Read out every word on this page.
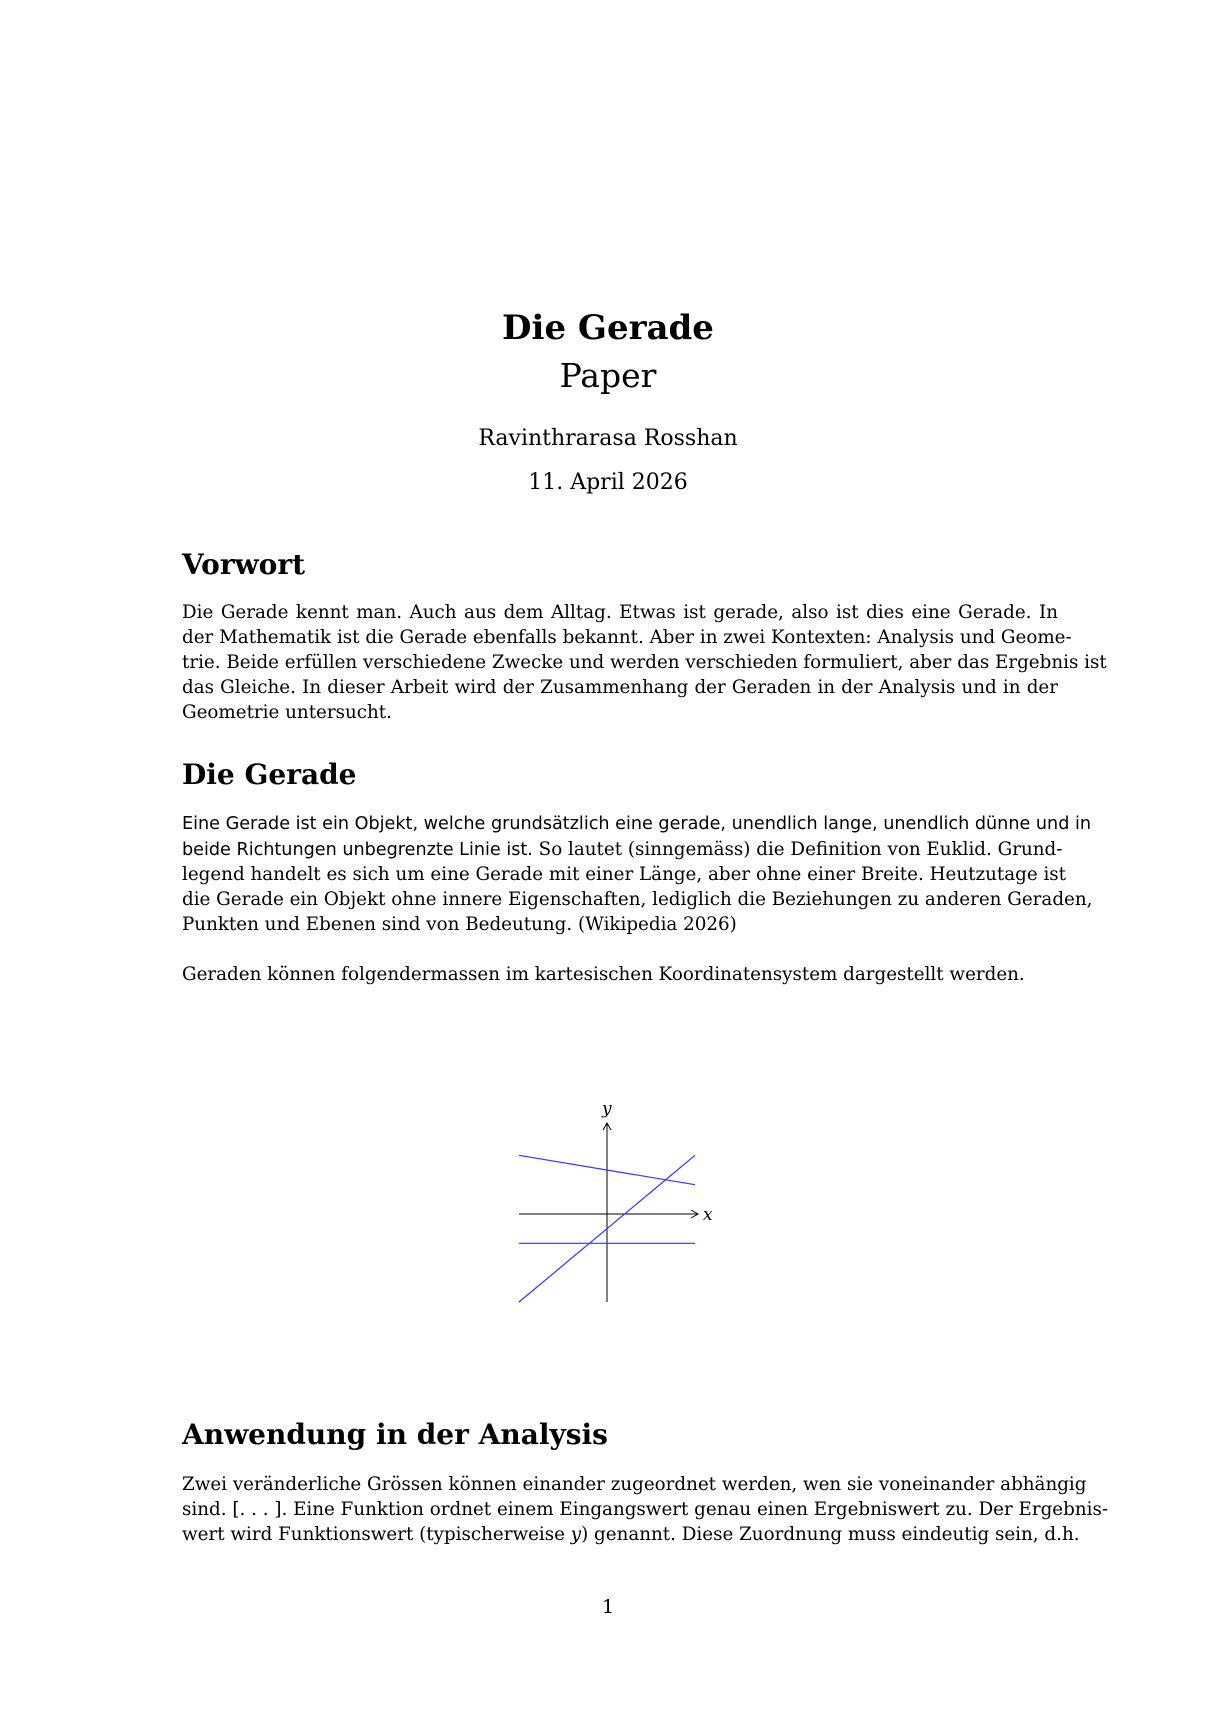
Die Gerade
Paper
Ravinthrarasa Rosshan
11. April 2026
Vorwort
Die Gerade kennt man. Auch aus dem Alltag. Etwas ist gerade, also ist dies eine Gerade. In
der Mathematik ist die Gerade ebenfalls bekannt. Aber in zwei Kontexten: Analysis und Geome-
trie. Beide erfüllen verschiedene Zwecke und werden verschieden formuliert, aber das Ergebnis ist
das Gleiche. In dieser Arbeit wird der Zusammenhang der Geraden in der Analysis und in der
Geometrie untersucht.
Die Gerade
Eine Gerade ist ein Objekt, welche grundsätzlich eine gerade, unendlich lange, unendlich dünne und in
beide Richtungen unbegrenzte Linie ist. So lautet (sinngemäss) die Definition von Euklid. Grund-
legend handelt es sich um eine Gerade mit einer Länge, aber ohne einer Breite. Heutzutage ist
die Gerade ein Objekt ohne innere Eigenschaften, lediglich die Beziehungen zu anderen Geraden,
Punkten und Ebenen sind von Bedeutung. (Wikipedia 2026)
Geraden können folgendermassen im kartesischen Koordinatensystem dargestellt werden.
x
y
Anwendung in der Analysis
Zwei veränderliche Grössen können einander zugeordnet werden, wen sie voneinander abhängig
sind. [. . . ]. Eine Funktion ordnet einem Eingangswert genau einen Ergebniswert zu. Der Ergebnis-
wert wird Funktionswert (typischerweise y) genannt. Diese Zuordnung muss eindeutig sein, d.h.
1
